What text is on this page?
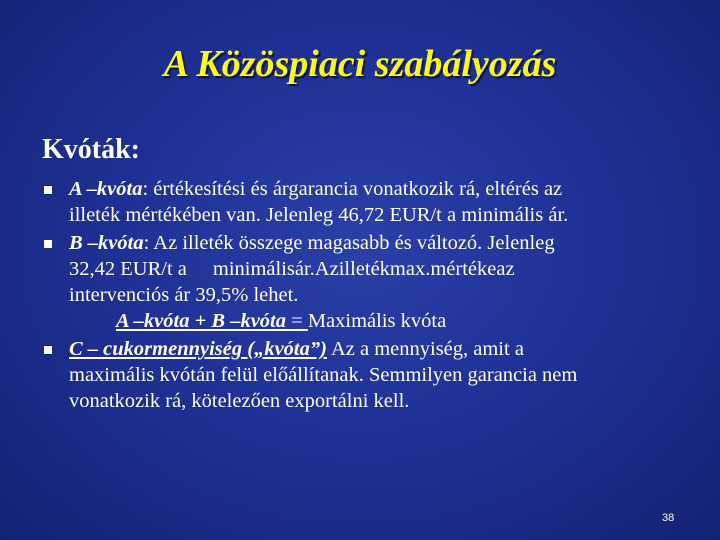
A Közöspiaci szabályozás
Kvóták:
A –kvóta: értékesítési és árgarancia vonatkozik rá, eltérés az
illeték mértékében van. Jelenleg 46,72 EUR/t a minimális ár.
B –kvóta: Az illeték összege magasabb és változó. Jelenleg
32,42 EUR/t a minimálisár.Azilletékmax.mértékeaz
intervenciós ár 39,5% lehet.
A –kvóta + B –kvóta = Maximális kvóta
C – cukormennyiség („kvóta”) Az a mennyiség, amit a
maximális kvótán felül előállítanak. Semmilyen garancia nem
vonatkozik rá, kötelezően exportálni kell.
38
